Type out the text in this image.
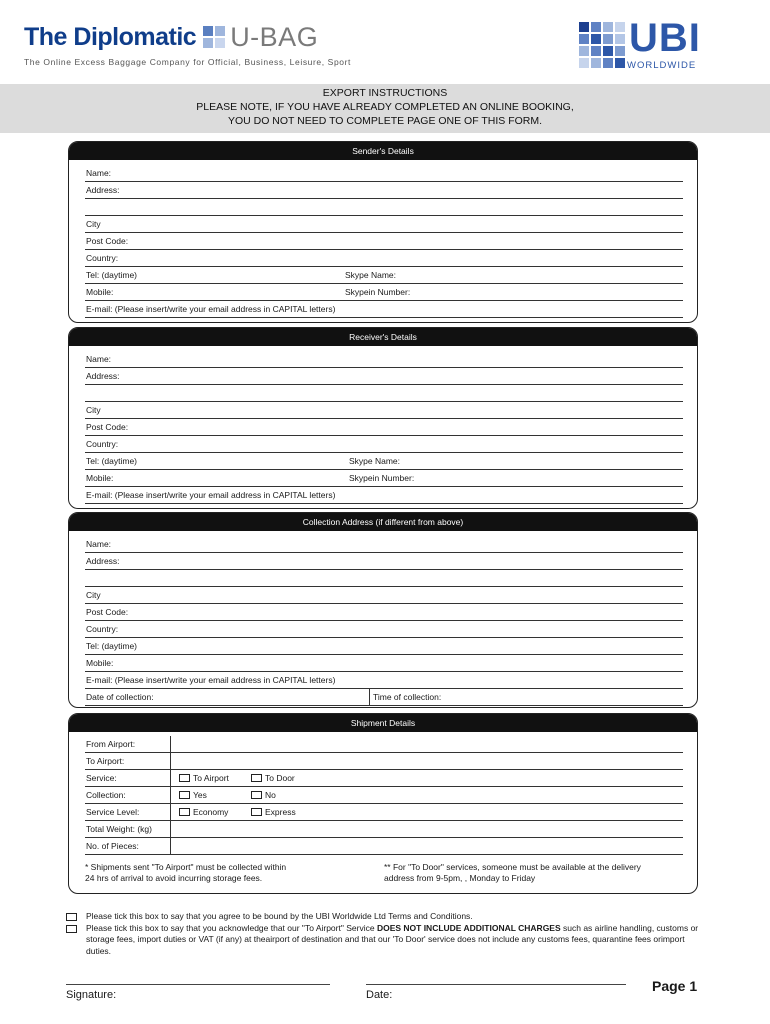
The Diplomatic U-BAG
The Online Excess Baggage Company for Official, Business, Leisure, Sport
UBI
WORLDWIDE
EXPORT INSTRUCTIONS
PLEASE NOTE, IF YOU HAVE ALREADY COMPLETED AN ONLINE BOOKING,
YOU DO NOT NEED TO COMPLETE PAGE ONE OF THIS FORM.
Sender's Details
Name:
Address:
City
Post Code:
Country:
Tel: (daytime)	Skype Name:
Mobile:	Skypein Number:
E-mail: (Please insert/write your email address in CAPITAL letters)
Receiver's Details
Name:
Address:
City
Post Code:
Country:
Tel: (daytime)	Skype Name:
Mobile:	Skypein Number:
E-mail: (Please insert/write your email address in CAPITAL letters)
Collection Address (if different from above)
Name:
Address:
City
Post Code:
Country:
Tel: (daytime)
Mobile:
E-mail: (Please insert/write your email address in CAPITAL letters)
Date of collection:	Time of collection:
Shipment Details
From Airport:
To Airport:
Service:	To Airport	To Door
Collection:	Yes	No
Service Level:	Economy	Express
Total Weight: (kg)
No. of Pieces:
* Shipments sent "To Airport" must be collected within
24 hrs of arrival to avoid incurring storage fees.
** For "To Door" services, someone must be available at the delivery
address from 9-5pm, , Monday to Friday
Please tick this box to say that you agree to be bound by the UBI Worldwide Ltd Terms and Conditions.
Please tick this box to say that you acknowledge that our "To Airport" Service DOES NOT INCLUDE ADDITIONAL CHARGES such as airline handling, customs or storage fees, import duties or VAT (if any) at theairport of destination and that our 'To Door' service does not include any customs fees, quarantine fees orimport duties.
Signature:	Date:
Page 1
